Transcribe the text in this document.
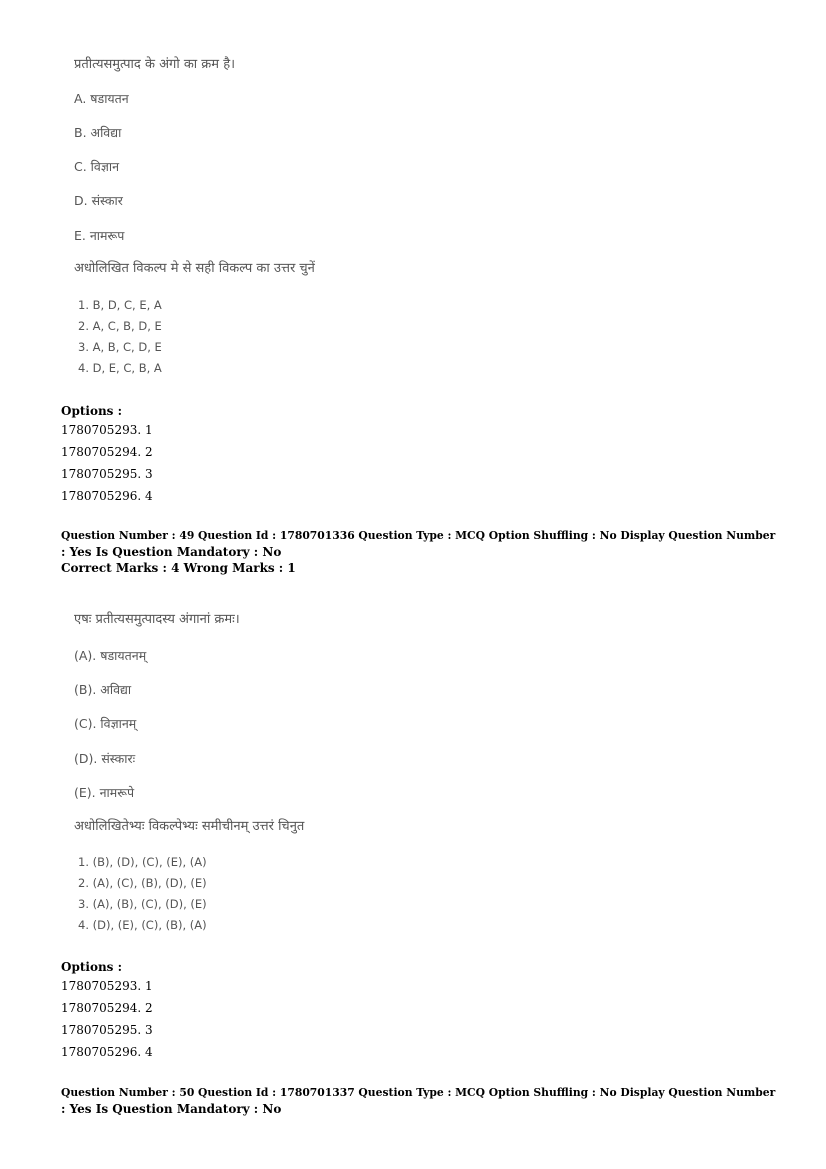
प्रतीत्यसमुत्पाद के अंगो का क्रम है।
A. षडायतन
B. अविद्या
C. विज्ञान
D. संस्कार
E. नामरूप
अधोलिखित विकल्प मे से सही विकल्प का उत्तर चुनें
1. B, D, C, E, A
2. A, C, B, D, E
3. A, B, C, D, E
4. D, E, C, B, A
Options :
1780705293. 1
1780705294. 2
1780705295. 3
1780705296. 4
Question Number : 49 Question Id : 1780701336 Question Type : MCQ Option Shuffling : No Display Question Number
: Yes Is Question Mandatory : No
Correct Marks : 4 Wrong Marks : 1
एषः प्रतीत्यसमुत्पादस्य अंगानां क्रमः।
(A). षडायतनम्
(B). अविद्या
(C). विज्ञानम्
(D). संस्कारः
(E). नामरूपे
अधोलिखितेभ्यः विकल्पेभ्यः समीचीनम् उत्तरं चिनुत
1. (B), (D), (C), (E), (A)
2. (A), (C), (B), (D), (E)
3. (A), (B), (C), (D), (E)
4. (D), (E), (C), (B), (A)
Options :
1780705293. 1
1780705294. 2
1780705295. 3
1780705296. 4
Question Number : 50 Question Id : 1780701337 Question Type : MCQ Option Shuffling : No Display Question Number
: Yes Is Question Mandatory : No
